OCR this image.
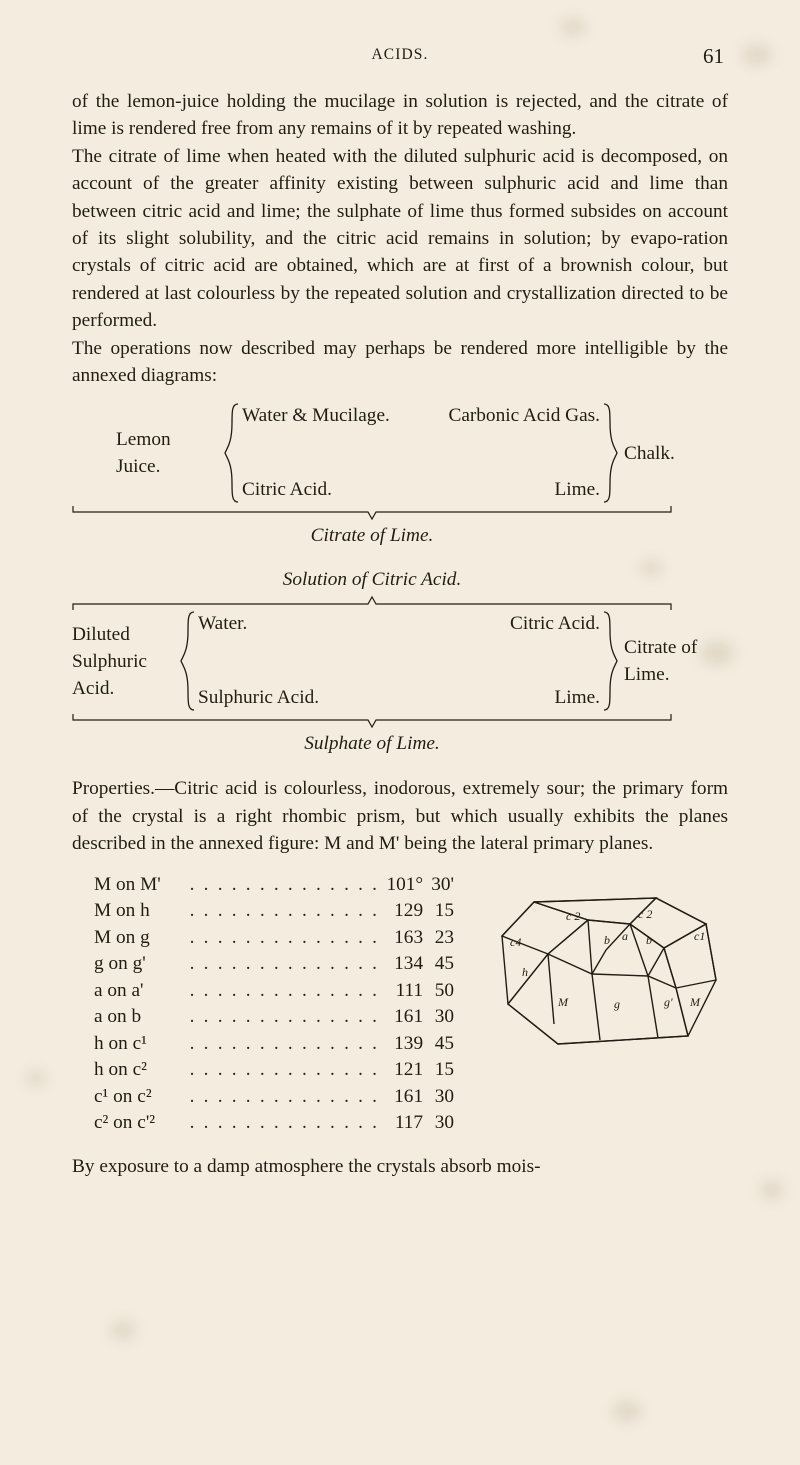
ACIDS.	61

of the lemon-juice holding the mucilage in solution is rejected, and the citrate of lime is rendered free from any remains of it by repeated washing.

The citrate of lime when heated with the diluted sulphuric acid is decomposed, on account of the greater affinity existing between sulphuric acid and lime than between citric acid and lime; the sulphate of lime thus formed subsides on account of its slight solubility, and the citric acid remains in solution; by evapo-ration crystals of citric acid are obtained, which are at first of a brownish colour, but rendered at last colourless by the repeated solution and crystallization directed to be performed.

The operations now described may perhaps be rendered more intelligible by the annexed diagrams:

Lemon
Juice.
Water & Mucilage.	Carbonic Acid Gas.
Citric Acid.	Lime.
Chalk.
Citrate of Lime.
Solution of Citric Acid.
Diluted
Sulphuric
Acid.
Water.	Citric Acid.
Sulphuric Acid.	Lime.
Citrate of
Lime.
Sulphate of Lime.

Properties.—Citric acid is colourless, inodorous, extremely sour; the primary form of the crystal is a right rhombic prism, but which usually exhibits the planes described in the annexed figure: M and M' being the lateral primary planes.

M on M'	. . . . . . . . . . . . . .	101°	30'
M on h	. . . . . . . . . . . . . .	129	15
M on g	. . . . . . . . . . . . . .	163	23
g on g'	. . . . . . . . . . . . . .	134	45
a on a'	. . . . . . . . . . . . . .	111	50
a on b	. . . . . . . . . . . . . .	161	30
h on c¹	. . . . . . . . . . . . . .	139	45
h on c²	. . . . . . . . . . . . . .	121	15
c¹ on c²	. . . . . . . . . . . . . .	161	30
c² on c'²	. . . . . . . . . . . . . .	117	30
c4
c 2	c 2
c1
b a b
h
M	g	g' M
By exposure to a damp atmosphere the crystals absorb mois-
